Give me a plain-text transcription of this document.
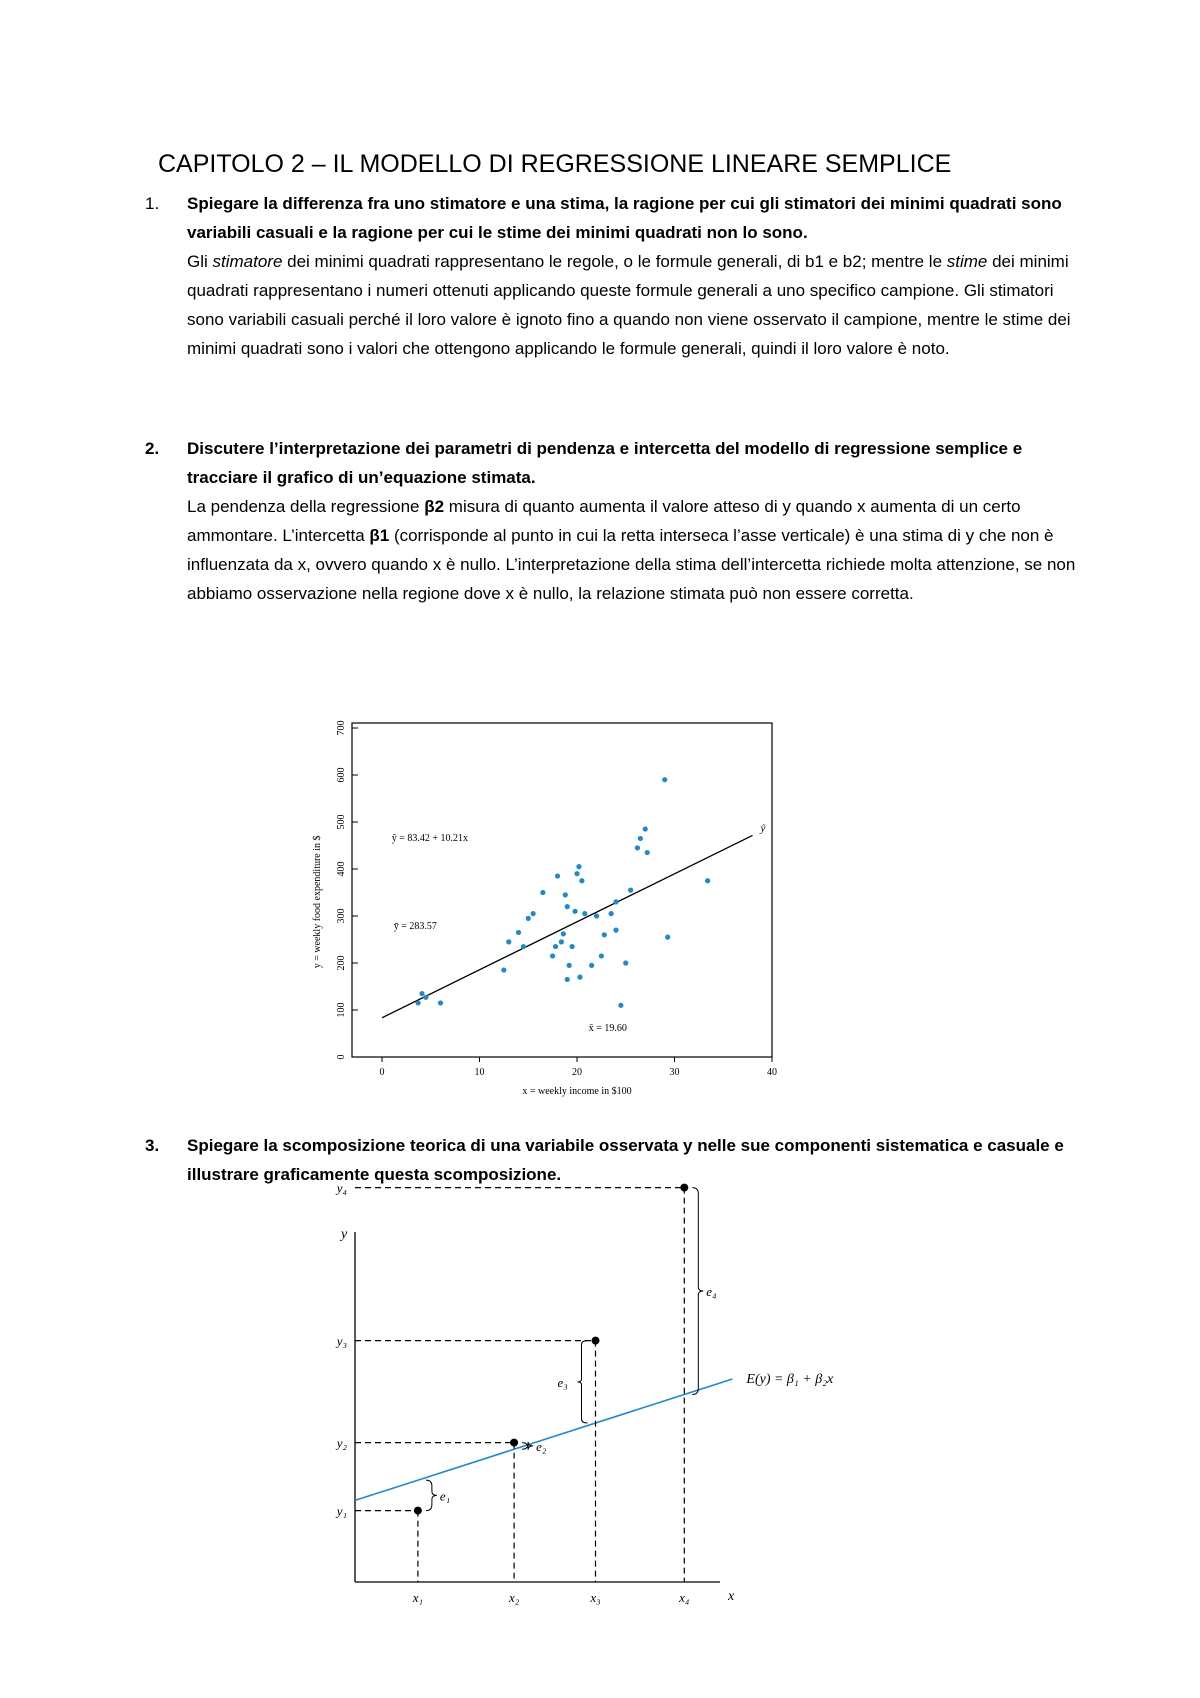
CAPITOLO 2 – IL MODELLO DI REGRESSIONE LINEARE SEMPLICE
1.	Spiegare la differenza fra uno stimatore e una stima, la ragione per cui gli stimatori dei minimi quadrati sono variabili casuali e la ragione per cui le stime dei minimi quadrati non lo sono.

Gli stimatore dei minimi quadrati rappresentano le regole, o le formule generali, di b1 e b2; mentre le stime dei minimi quadrati rappresentano i numeri ottenuti applicando queste formule generali a uno specifico campione. Gli stimatori sono variabili casuali perché il loro valore è ignoto fino a quando non viene osservato il campione, mentre le stime dei minimi quadrati sono i valori che ottengono applicando le formule generali, quindi il loro valore è noto.

2.	Discutere l’interpretazione dei parametri di pendenza e intercetta del modello di regressione semplice e tracciare il grafico di un’equazione stimata.

La pendenza della regressione β2 misura di quanto aumenta il valore atteso di y quando x aumenta di un certo ammontare. L’intercetta β1 (corrisponde al punto in cui la retta interseca l’asse verticale) è una stima di y che non è influenzata da x, ovvero quando x è nullo. L’interpretazione della stima dell’intercetta richiede molta attenzione, se non abbiamo osservazione nella regione dove x è nullo, la relazione stimata può non essere corretta.

0
100
200
300
400
500
600
700
0	10	20	30	40
x = weekly income in $100
y = weekly food expenditure in $
ŷ
ŷ = 83.42 + 10.21x
ȳ = 283.57
x̄ = 19.60
3.	Spiegare la scomposizione teorica di una variabile osservata y nelle sue componenti sistematica e casuale e illustrare graficamente questa scomposizione.
y
x
E(y) = β₁ + β₂x
e₁
x₁
y₁
e₂
x₂
y₂
e₃
x₃
y₃
e₄
x₄
y₄
